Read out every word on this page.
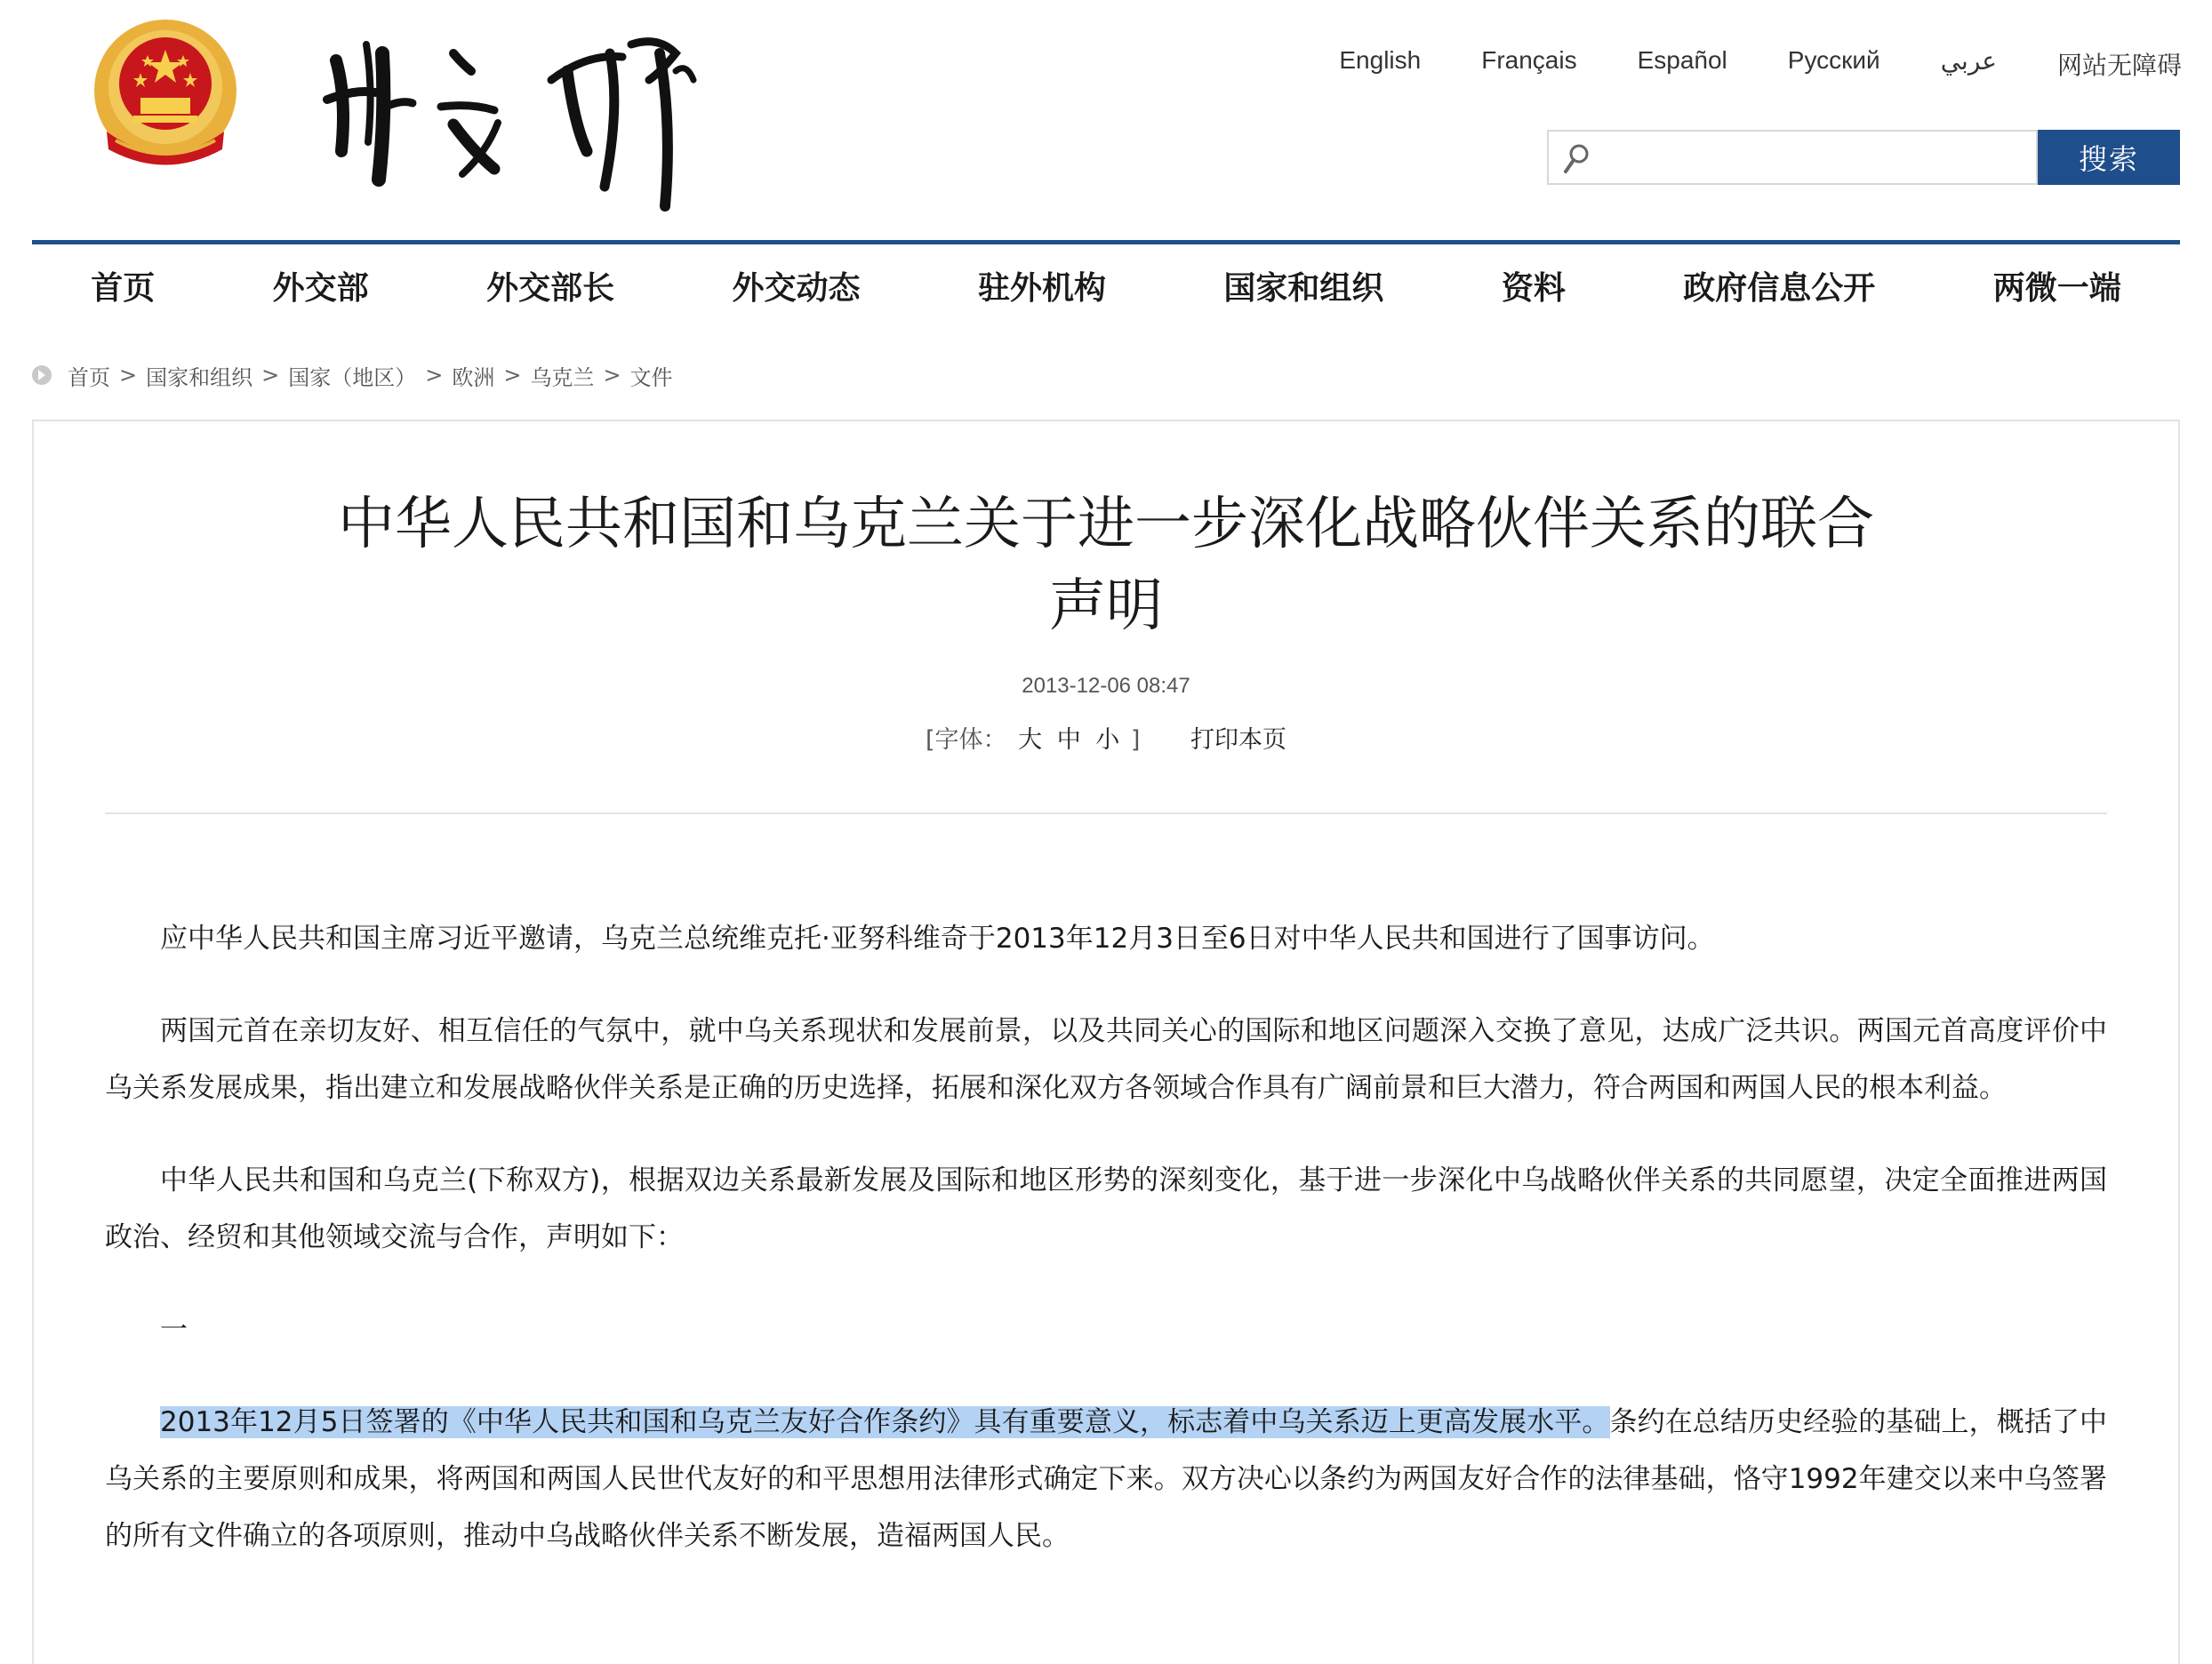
English Français Español Русский عربي 网站无障碍
搜索
首页	外交部	外交部长	外交动态	驻外机构	国家和组织	资料	政府信息公开	两微一端
首页 > 国家和组织 > 国家（地区） > 欧洲 > 乌克兰 > 文件
中华人民共和国和乌克兰关于进一步深化战略伙伴关系的联合
声明
2013-12-06 08:47
[字体： 大 中 小 ] 打印本页

应中华人民共和国主席习近平邀请，乌克兰总统维克托·亚努科维奇于2013年12月3日至6日对中华人民共和国进行了国事访问。

两国元首在亲切友好、相互信任的气氛中，就中乌关系现状和发展前景，以及共同关心的国际和地区问题深入交换了意见，达成广泛共识。两国元首高度评价中乌关系发展成果，指出建立和发展战略伙伴关系是正确的历史选择，拓展和深化双方各领域合作具有广阔前景和巨大潜力，符合两国和两国人民的根本利益。

中华人民共和国和乌克兰(下称双方)，根据双边关系最新发展及国际和地区形势的深刻变化，基于进一步深化中乌战略伙伴关系的共同愿望，决定全面推进两国政治、经贸和其他领域交流与合作，声明如下：

一

2013年12月5日签署的《中华人民共和国和乌克兰友好合作条约》具有重要意义，标志着中乌关系迈上更高发展水平。条约在总结历史经验的基础上，概括了中乌关系的主要原则和成果，将两国和两国人民世代友好的和平思想用法律形式确定下来。双方决心以条约为两国友好合作的法律基础，恪守1992年建交以来中乌签署的所有文件确立的各项原则，推动中乌战略伙伴关系不断发展，造福两国人民。
